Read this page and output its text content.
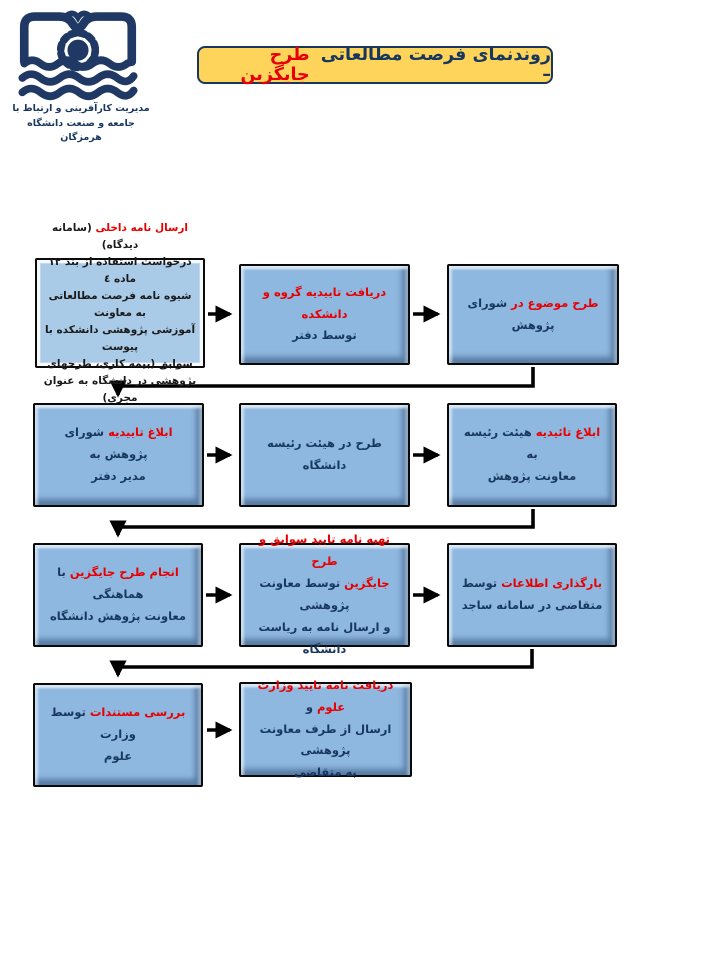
مدیریت کارآفرینی و ارتباط با
جامعه و صنعت دانشگاه هرمزگان
روندنمای فرصت مطالعاتی –
طرح جایگزین
ارسال نامه داخلی (سامانه دیدگاه)
درخواست استفاده از بند ۱۲ ماده ٤
شیوه نامه فرصت مطالعاتی به معاونت
آموزشی پژوهشی دانشکده با پیوست
سوابق (بیمه کاری، طرحهای
پژوهشی در دانشگاه به عنوان مجری)
دریافت تاییدیه گروه و دانشکده
توسط دفتر
طرح موضوع در شورای پژوهش
ابلاغ تاییدیه شورای پژوهش به
مدیر دفتر
طرح در هیئت رئیسه دانشگاه
ابلاغ تائیدیه هیئت رئیسه به
معاونت پژوهش
انجام طرح جایگزین با هماهنگی
معاونت پژوهش دانشگاه
تهیه نامه تایید سوابق و طرح
جایگزین توسط معاونت پژوهشی
و ارسال نامه به ریاست دانشگاه
بارگذاری اطلاعات توسط
متقاضی در سامانه ساجد
بررسی مستندات توسط وزارت
علوم
دریافت نامه تایید وزارت علوم و
ارسال از طرف معاونت پژوهشی
به متقاضی
